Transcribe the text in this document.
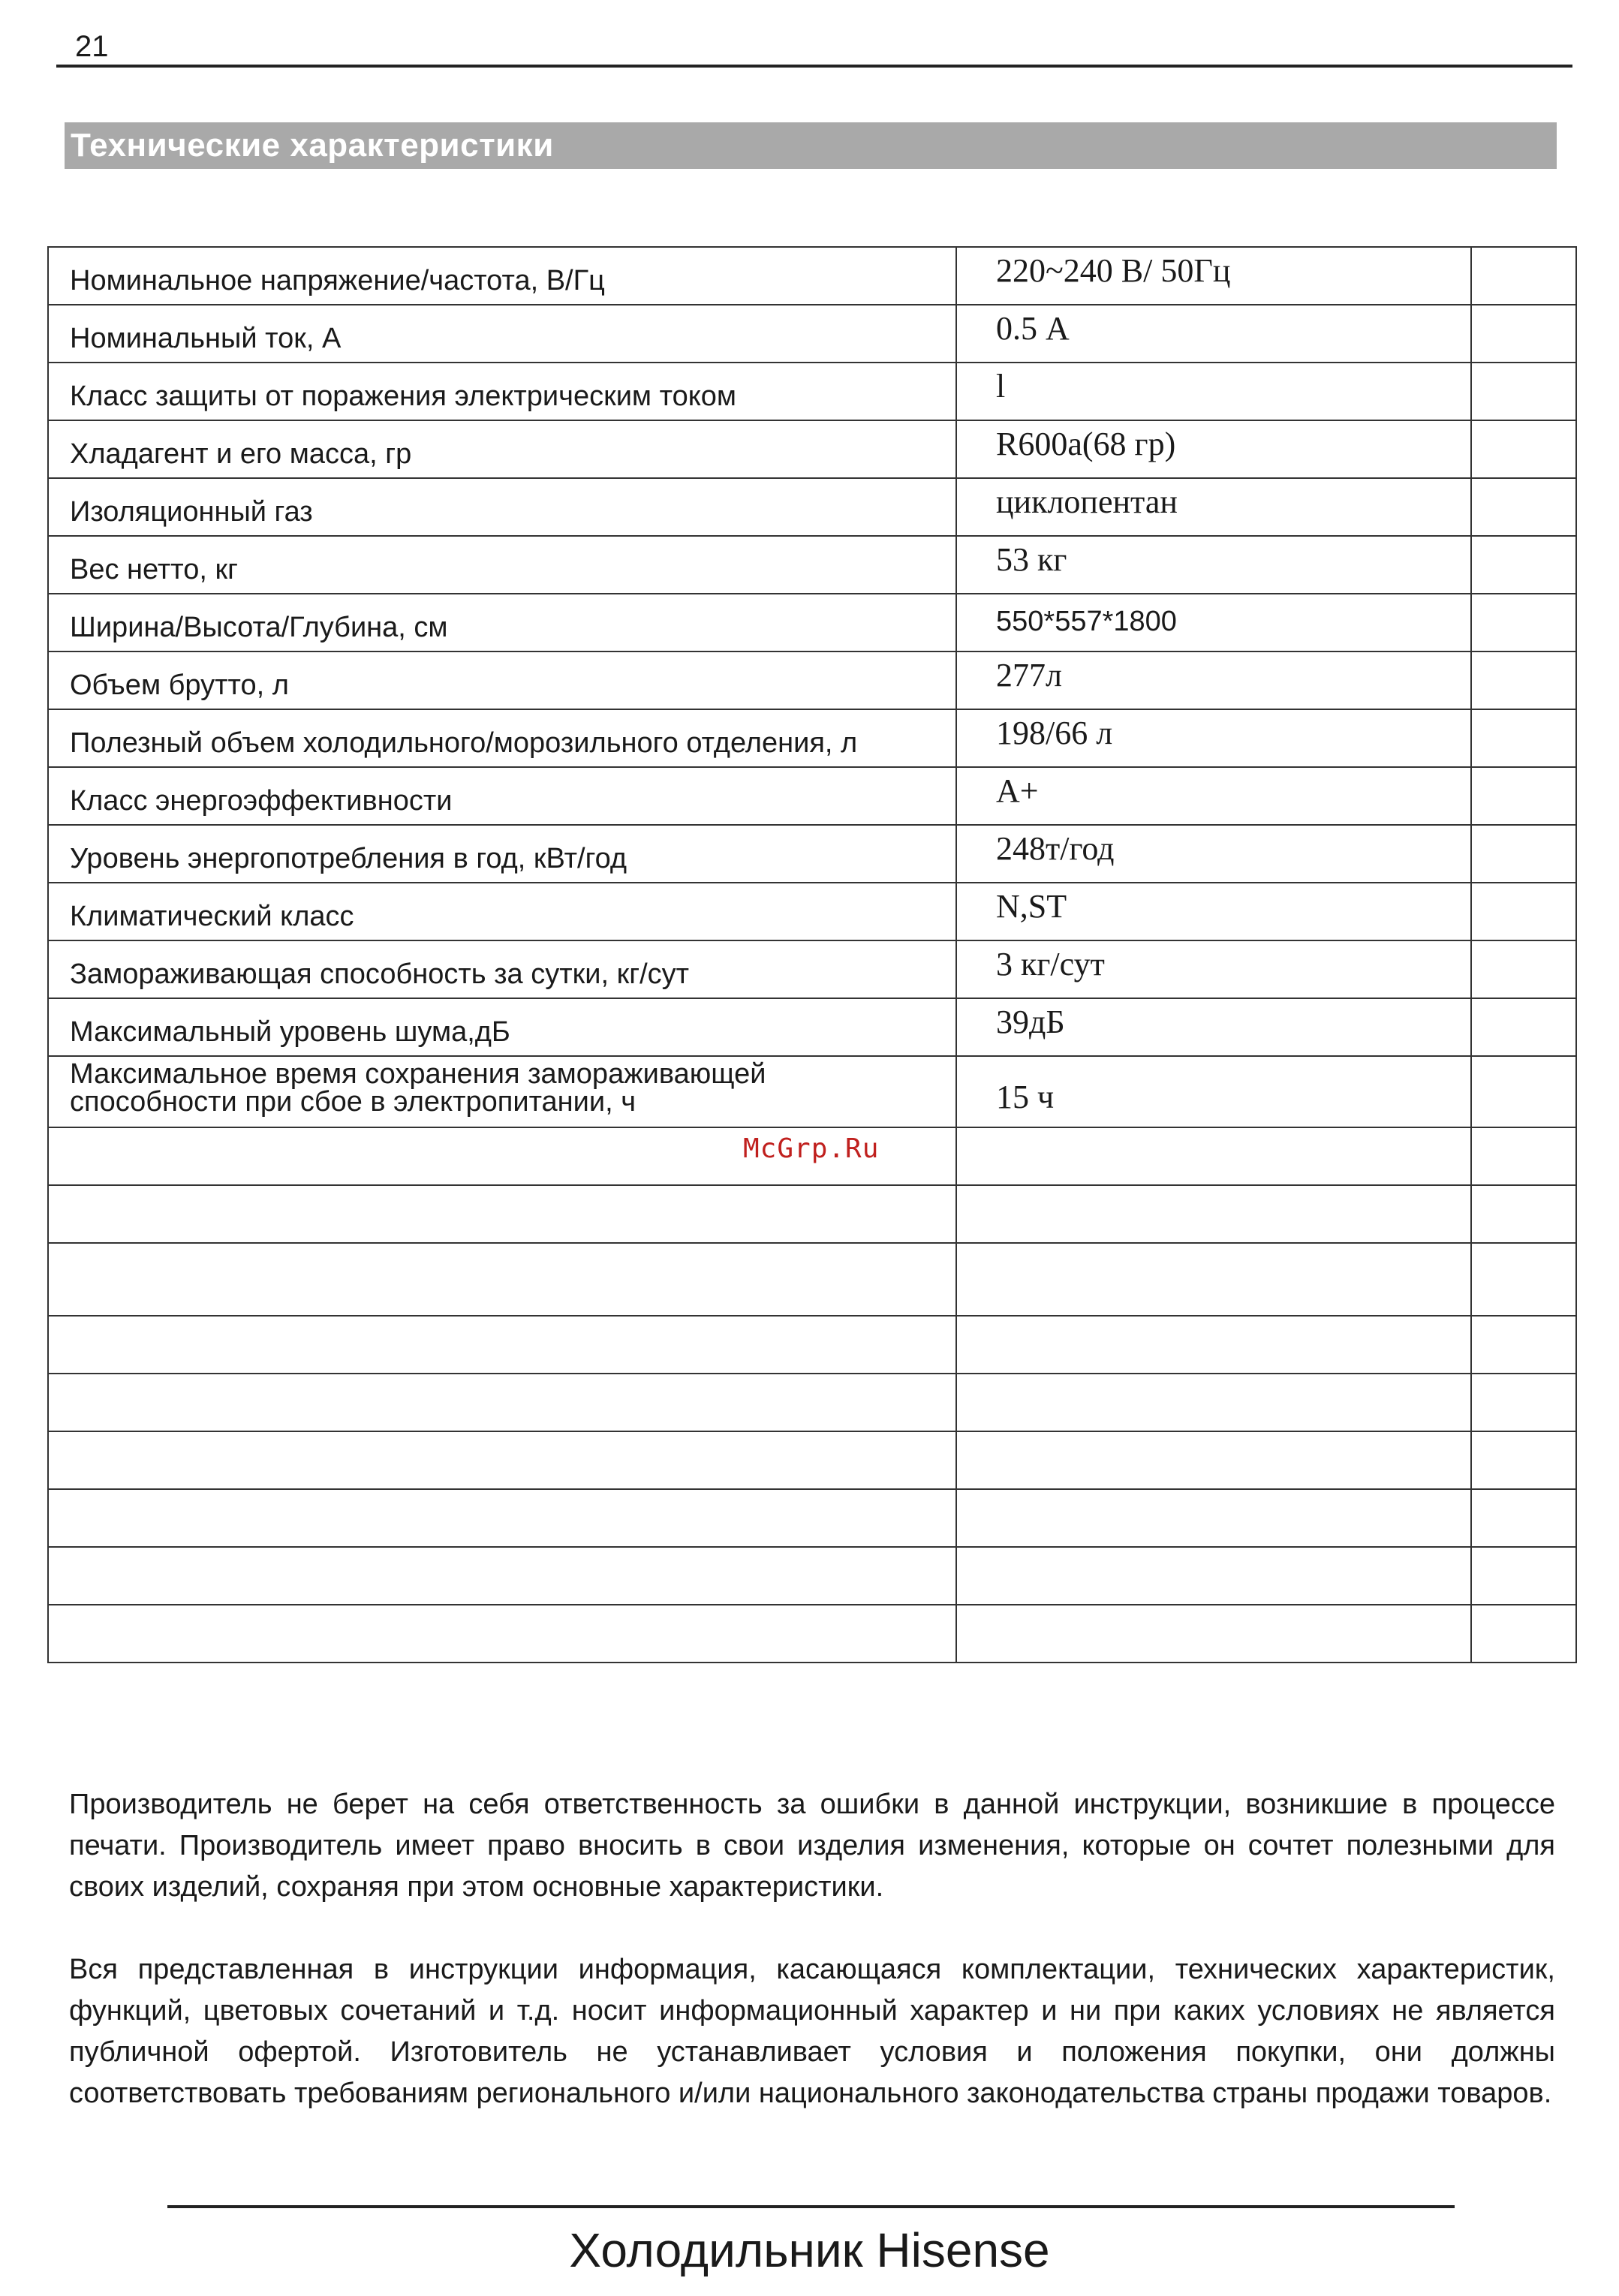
21
Технические характеристики
Номинальное напряжение/частота, В/Гц	220~240 В/ 50Гц	

Номинальный ток, А	0.5 А	

Класс защиты от поражения электрическим током	l	

Хладагент и его масса, гр	R600a(68 гр)	

Изоляционный газ	циклопентан	

Вес нетто, кг	53 кг	

Ширина/Высота/Глубина, см	550*557*1800	

Объем брутто, л	277л	

Полезный объем холодильного/морозильного отделения, л	198/66 л	

Класс энергоэффективности	A+	

Уровень энергопотребления в год, кВт/год	248т/год	

Климатический класс	N,ST	

Замораживающая способность за сутки, кг/сут	3 кг/сут	

Максимальный уровень шума,дБ	39дБ	

Максимальное время сохранения замораживающей
способности при сбое в электропитании, ч	15 ч	

McGrp.Ru

Производитель не берет на себя ответственность за ошибки в данной инструкции, возникшие в процессе печати. Производитель имеет право вносить в свои изделия изменения, которые он сочтет полезными для своих изделий, сохраняя при этом основные характеристики.

Вся представленная в инструкции информация, касающаяся комплектации, технических характеристик, функций, цветовых сочетаний и т.д. носит информационный характер и ни при каких условиях не является публичной офертой. Изготовитель не устанавливает условия и положения покупки, они должны соответствовать требованиям регионального и/или национального законодательства страны продажи товаров.

Холодильник Hisense
